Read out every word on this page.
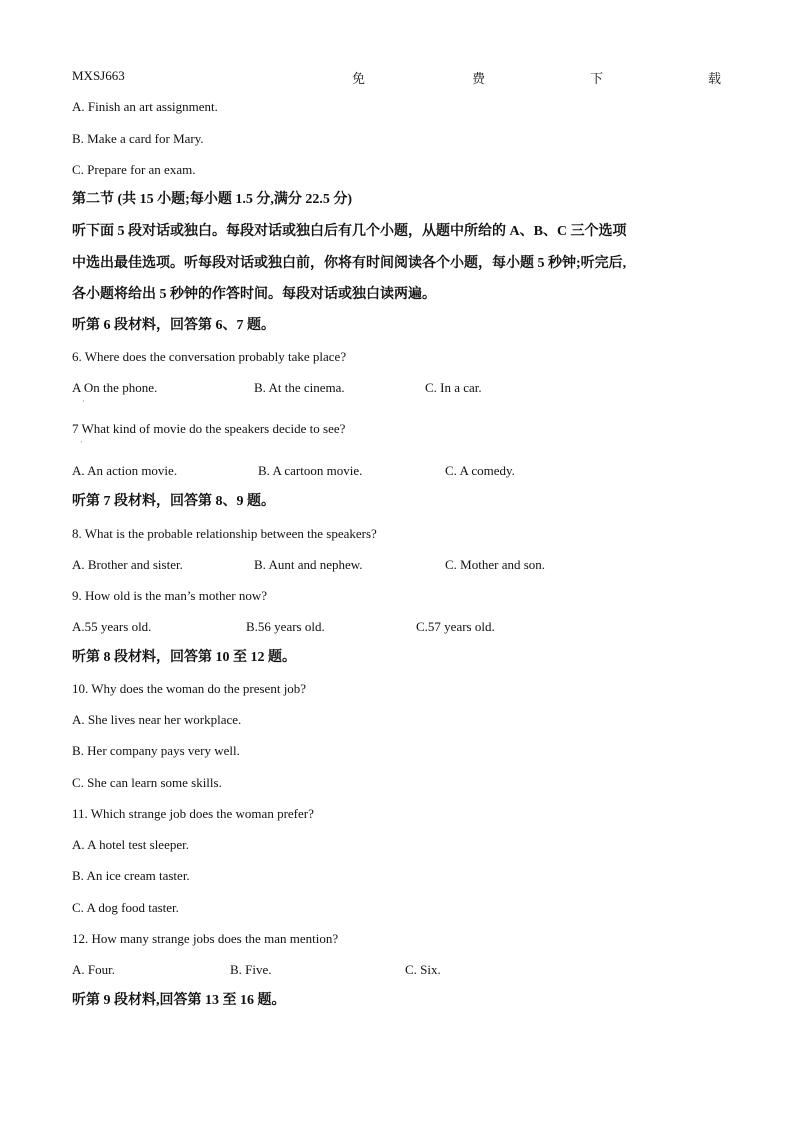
MXSJ663	免	费	下	载
A. Finish an art assignment.
B. Make a card for Mary.
C. Prepare for an exam.
第二节 (共 15 小题;每小题 1.5 分,满分 22.5 分)
听下面 5 段对话或独白。每段对话或独白后有几个小题，从题中所给的 A、B、C 三个选项
中选出最佳选项。听每段对话或独白前，你将有时间阅读各个小题，每小题 5 秒钟;听完后,
各小题将给出 5 秒钟的作答时间。每段对话或独白读两遍。
听第 6 段材料，回答第 6、7 题。
6. Where does the conversation probably take place?
A On the phone.	B. At the cinema.	C. In a car.
·
7 What kind of movie do the speakers decide to see?
·
A. An action movie.	B. A cartoon movie.	C. A comedy.
听第 7 段材料，回答第 8、9 题。
8. What is the probable relationship between the speakers?
A. Brother and sister.	B. Aunt and nephew.	C. Mother and son.
9. How old is the man’s mother now?
A.55 years old.	B.56 years old.	C.57 years old.
听第 8 段材料，回答第 10 至 12 题。
10. Why does the woman do the present job?
A. She lives near her workplace.
B. Her company pays very well.
C. She can learn some skills.
11. Which strange job does the woman prefer?
A. A hotel test sleeper.
B. An ice cream taster.
C. A dog food taster.
12. How many strange jobs does the man mention?
A. Four.	B. Five.	C. Six.
听第 9 段材料,回答第 13 至 16 题。
